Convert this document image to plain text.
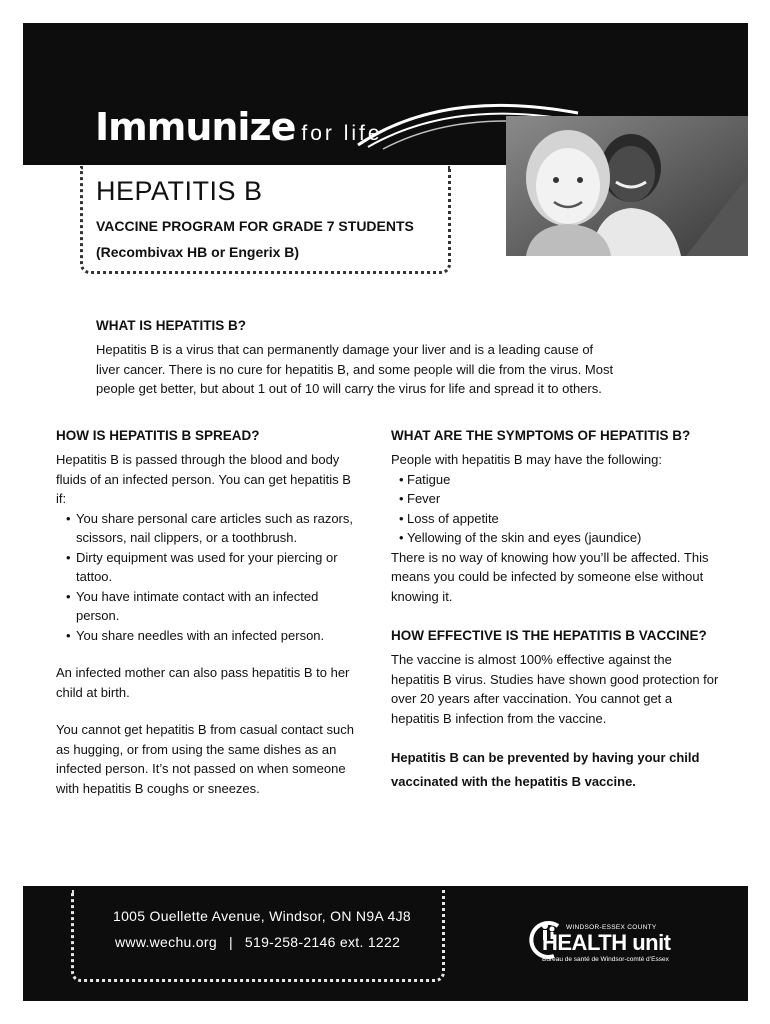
Immunize for life
HEPATITIS B
VACCINE PROGRAM FOR GRADE 7 STUDENTS
(Recombivax HB or Engerix B)
WHAT IS HEPATITIS B?

Hepatitis B is a virus that can permanently damage your liver and is a leading cause of

liver cancer. There is no cure for hepatitis B, and some people will die from the virus. Most

people get better, but about 1 out of 10 will carry the virus for life and spread it to others.

HOW IS HEPATITIS B SPREAD?

Hepatitis B is passed through the blood and body fluids of an infected person. You can get hepatitis B if:

• You share personal care articles such as razors, scissors, nail clippers, or a toothbrush.
• Dirty equipment was used for your piercing or tattoo.
• You have intimate contact with an infected person.
• You share needles with an infected person.

An infected mother can also pass hepatitis B to her child at birth.

You cannot get hepatitis B from casual contact such as hugging, or from using the same dishes as an infected person. It’s not passed on when someone with hepatitis B coughs or sneezes.

WHAT ARE THE SYMPTOMS OF HEPATITIS B?

People with hepatitis B may have the following:

• Fatigue
• Fever
• Loss of appetite
• Yellowing of the skin and eyes (jaundice)

There is no way of knowing how you’ll be affected. This means you could be infected by someone else without knowing it.

HOW EFFECTIVE IS THE HEPATITIS B VACCINE?

The vaccine is almost 100% effective against the hepatitis B virus. Studies have shown good protection for over 20 years after vaccination. You cannot get a hepatitis B infection from the vaccine.

Hepatitis B can be prevented by having your child vaccinated with the hepatitis B vaccine.

1005 Ouellette Avenue, Windsor, ON N9A 4J8
www.wechu.org | 519-258-2146 ext. 1222
WINDSOR-ESSEX COUNTY
HEALTH unit
Bureau de santé de Windsor-comté d’Essex
